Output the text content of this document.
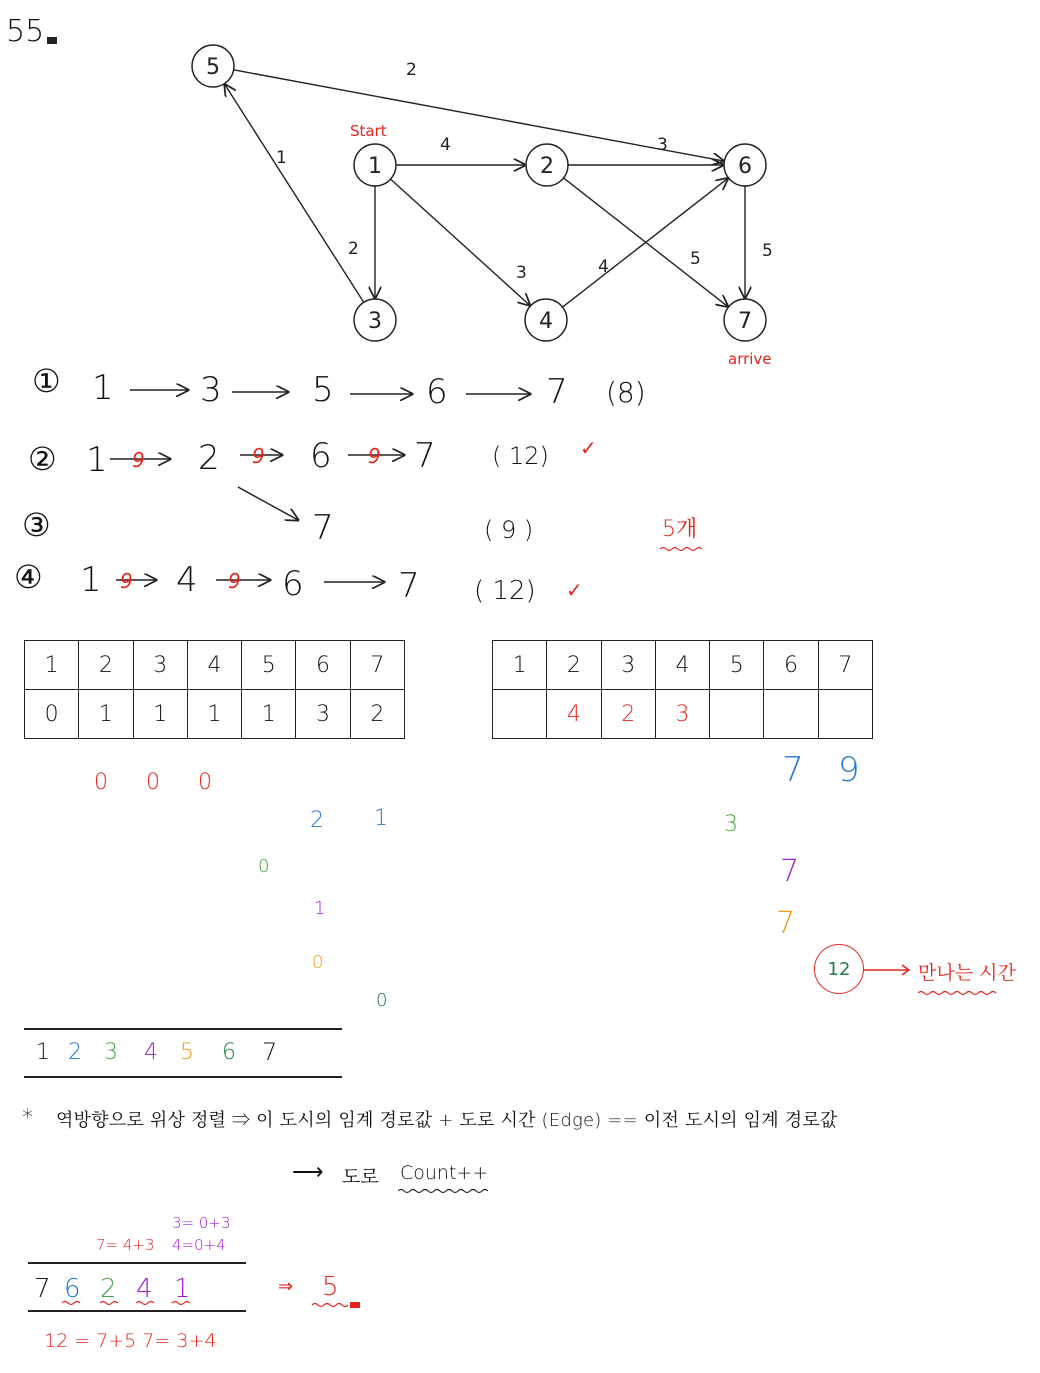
55
4
2
3
1
2
3
5
4
5
1	2
3	4
5
6
7
Start
arrive
9	9	9
9	9
① 1	3	5	6	7 (8)
② 1	2	6 7 ( 12) ✓
③	7	( 9 )	5개
④ 1 4 6	7 ( 12) ✓
1	2	3	4	5	6	7
0	1	1	1	1	3	2
1	2	3	4	5	6	7
	4	2	3			
0 0 0
2 1
0
1
0
0
7 9
3
7
7
12	만나는 시간
1 2 3 4 5 6 7
* 역방향으로 위상 정렬 ⇒ 이 도시의 임계 경로값 + 도로 시간 (Edge) == 이전 도시의 임계 경로값
⟶ 도로 Count++
3= 0+3
7= 4+3 4=0+4
7 6 2 4 1	⇒ 5
12 = 7+5 7= 3+4
